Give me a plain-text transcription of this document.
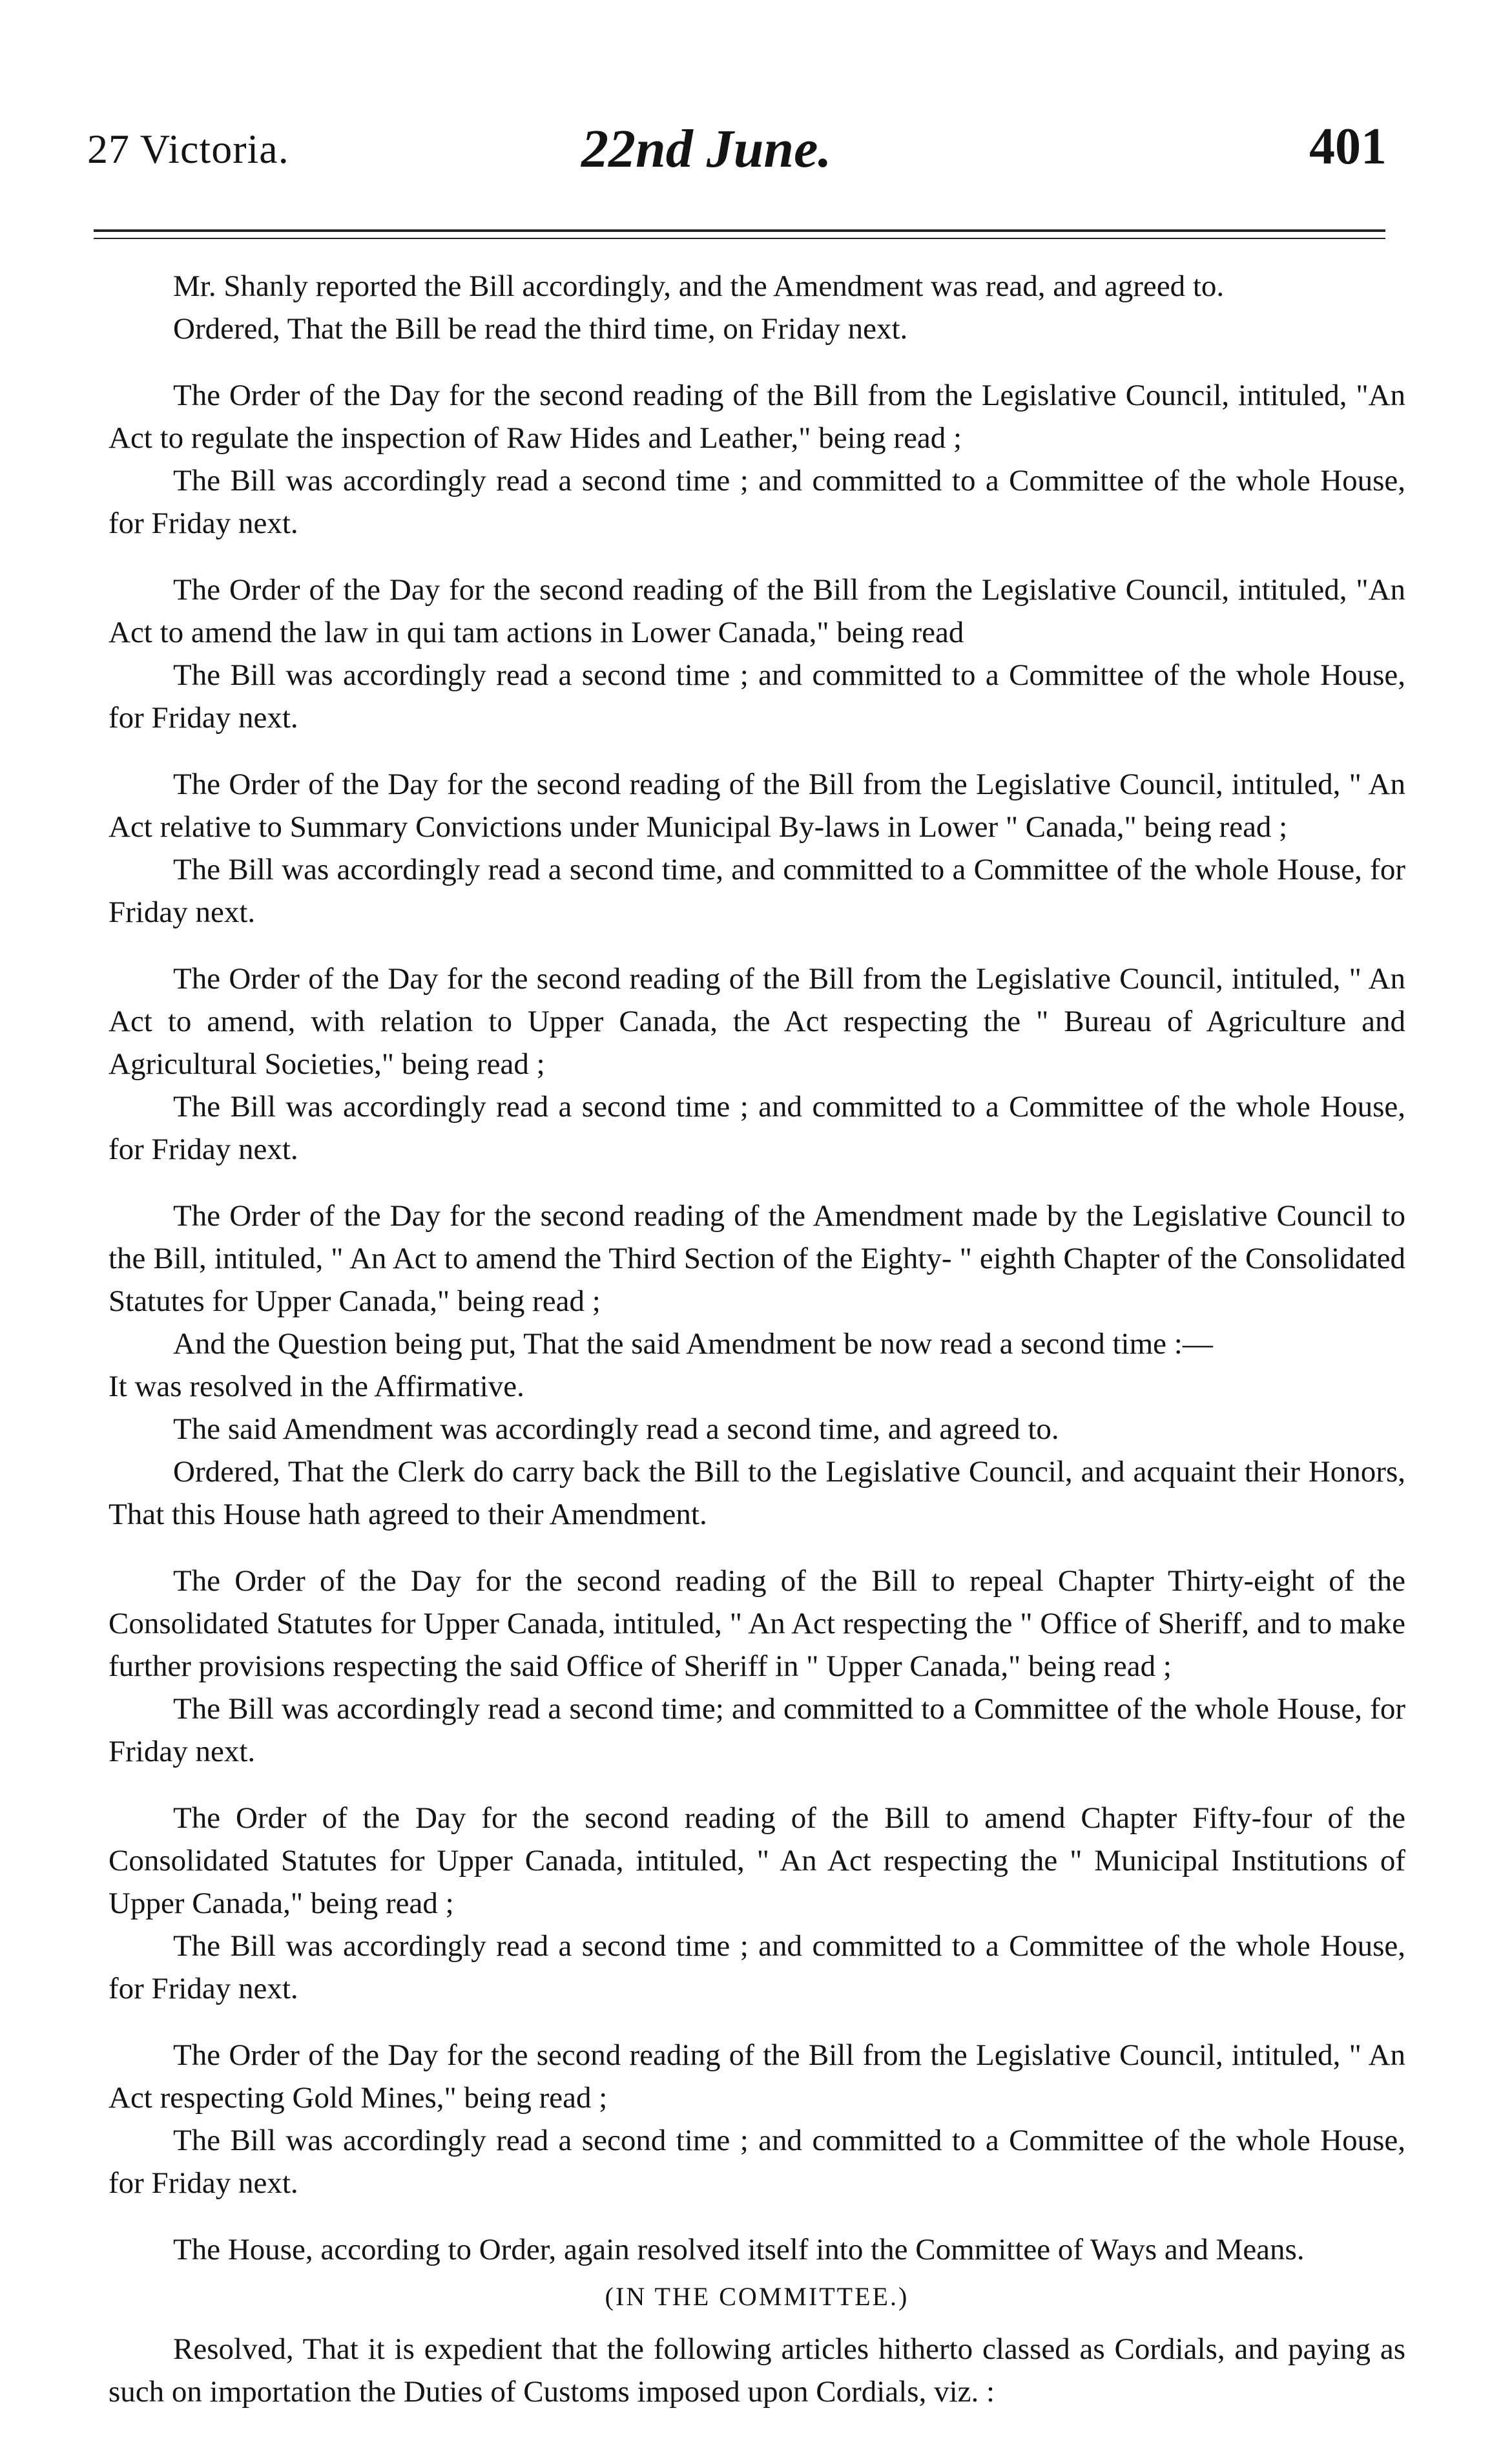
27 Victoria.	22nd June.	401

Mr. Shanly reported the Bill accordingly, and the Amendment was read, and agreed to.

Ordered, That the Bill be read the third time, on Friday next.

The Order of the Day for the second reading of the Bill from the Legislative Council, intituled, "An Act to regulate the inspection of Raw Hides and Leather," being read ;

The Bill was accordingly read a second time ; and committed to a Committee of the whole House, for Friday next.

The Order of the Day for the second reading of the Bill from the Legislative Council, intituled, "An Act to amend the law in qui tam actions in Lower Canada," being read

The Bill was accordingly read a second time ; and committed to a Committee of the whole House, for Friday next.

The Order of the Day for the second reading of the Bill from the Legislative Council, intituled, " An Act relative to Summary Convictions under Municipal By-laws in Lower " Canada," being read ;

The Bill was accordingly read a second time, and committed to a Committee of the whole House, for Friday next.

The Order of the Day for the second reading of the Bill from the Legislative Council, intituled, " An Act to amend, with relation to Upper Canada, the Act respecting the " Bureau of Agriculture and Agricultural Societies," being read ;

The Bill was accordingly read a second time ; and committed to a Committee of the whole House, for Friday next.

The Order of the Day for the second reading of the Amendment made by the Legislative Council to the Bill, intituled, " An Act to amend the Third Section of the Eighty- " eighth Chapter of the Consolidated Statutes for Upper Canada," being read ;

And the Question being put, That the said Amendment be now read a second time :—

It was resolved in the Affirmative.

The said Amendment was accordingly read a second time, and agreed to.

Ordered, That the Clerk do carry back the Bill to the Legislative Council, and acquaint their Honors, That this House hath agreed to their Amendment.

The Order of the Day for the second reading of the Bill to repeal Chapter Thirty-eight of the Consolidated Statutes for Upper Canada, intituled, " An Act respecting the " Office of Sheriff, and to make further provisions respecting the said Office of Sheriff in " Upper Canada," being read ;

The Bill was accordingly read a second time; and committed to a Committee of the whole House, for Friday next.

The Order of the Day for the second reading of the Bill to amend Chapter Fifty-four of the Consolidated Statutes for Upper Canada, intituled, " An Act respecting the " Municipal Institutions of Upper Canada," being read ;

The Bill was accordingly read a second time ; and committed to a Committee of the whole House, for Friday next.

The Order of the Day for the second reading of the Bill from the Legislative Council, intituled, " An Act respecting Gold Mines," being read ;

The Bill was accordingly read a second time ; and committed to a Committee of the whole House, for Friday next.

The House, according to Order, again resolved itself into the Committee of Ways and Means.

(IN THE COMMITTEE.)

Resolved, That it is expedient that the following articles hitherto classed as Cordials, and paying as such on importation the Duties of Customs imposed upon Cordials, viz. :
